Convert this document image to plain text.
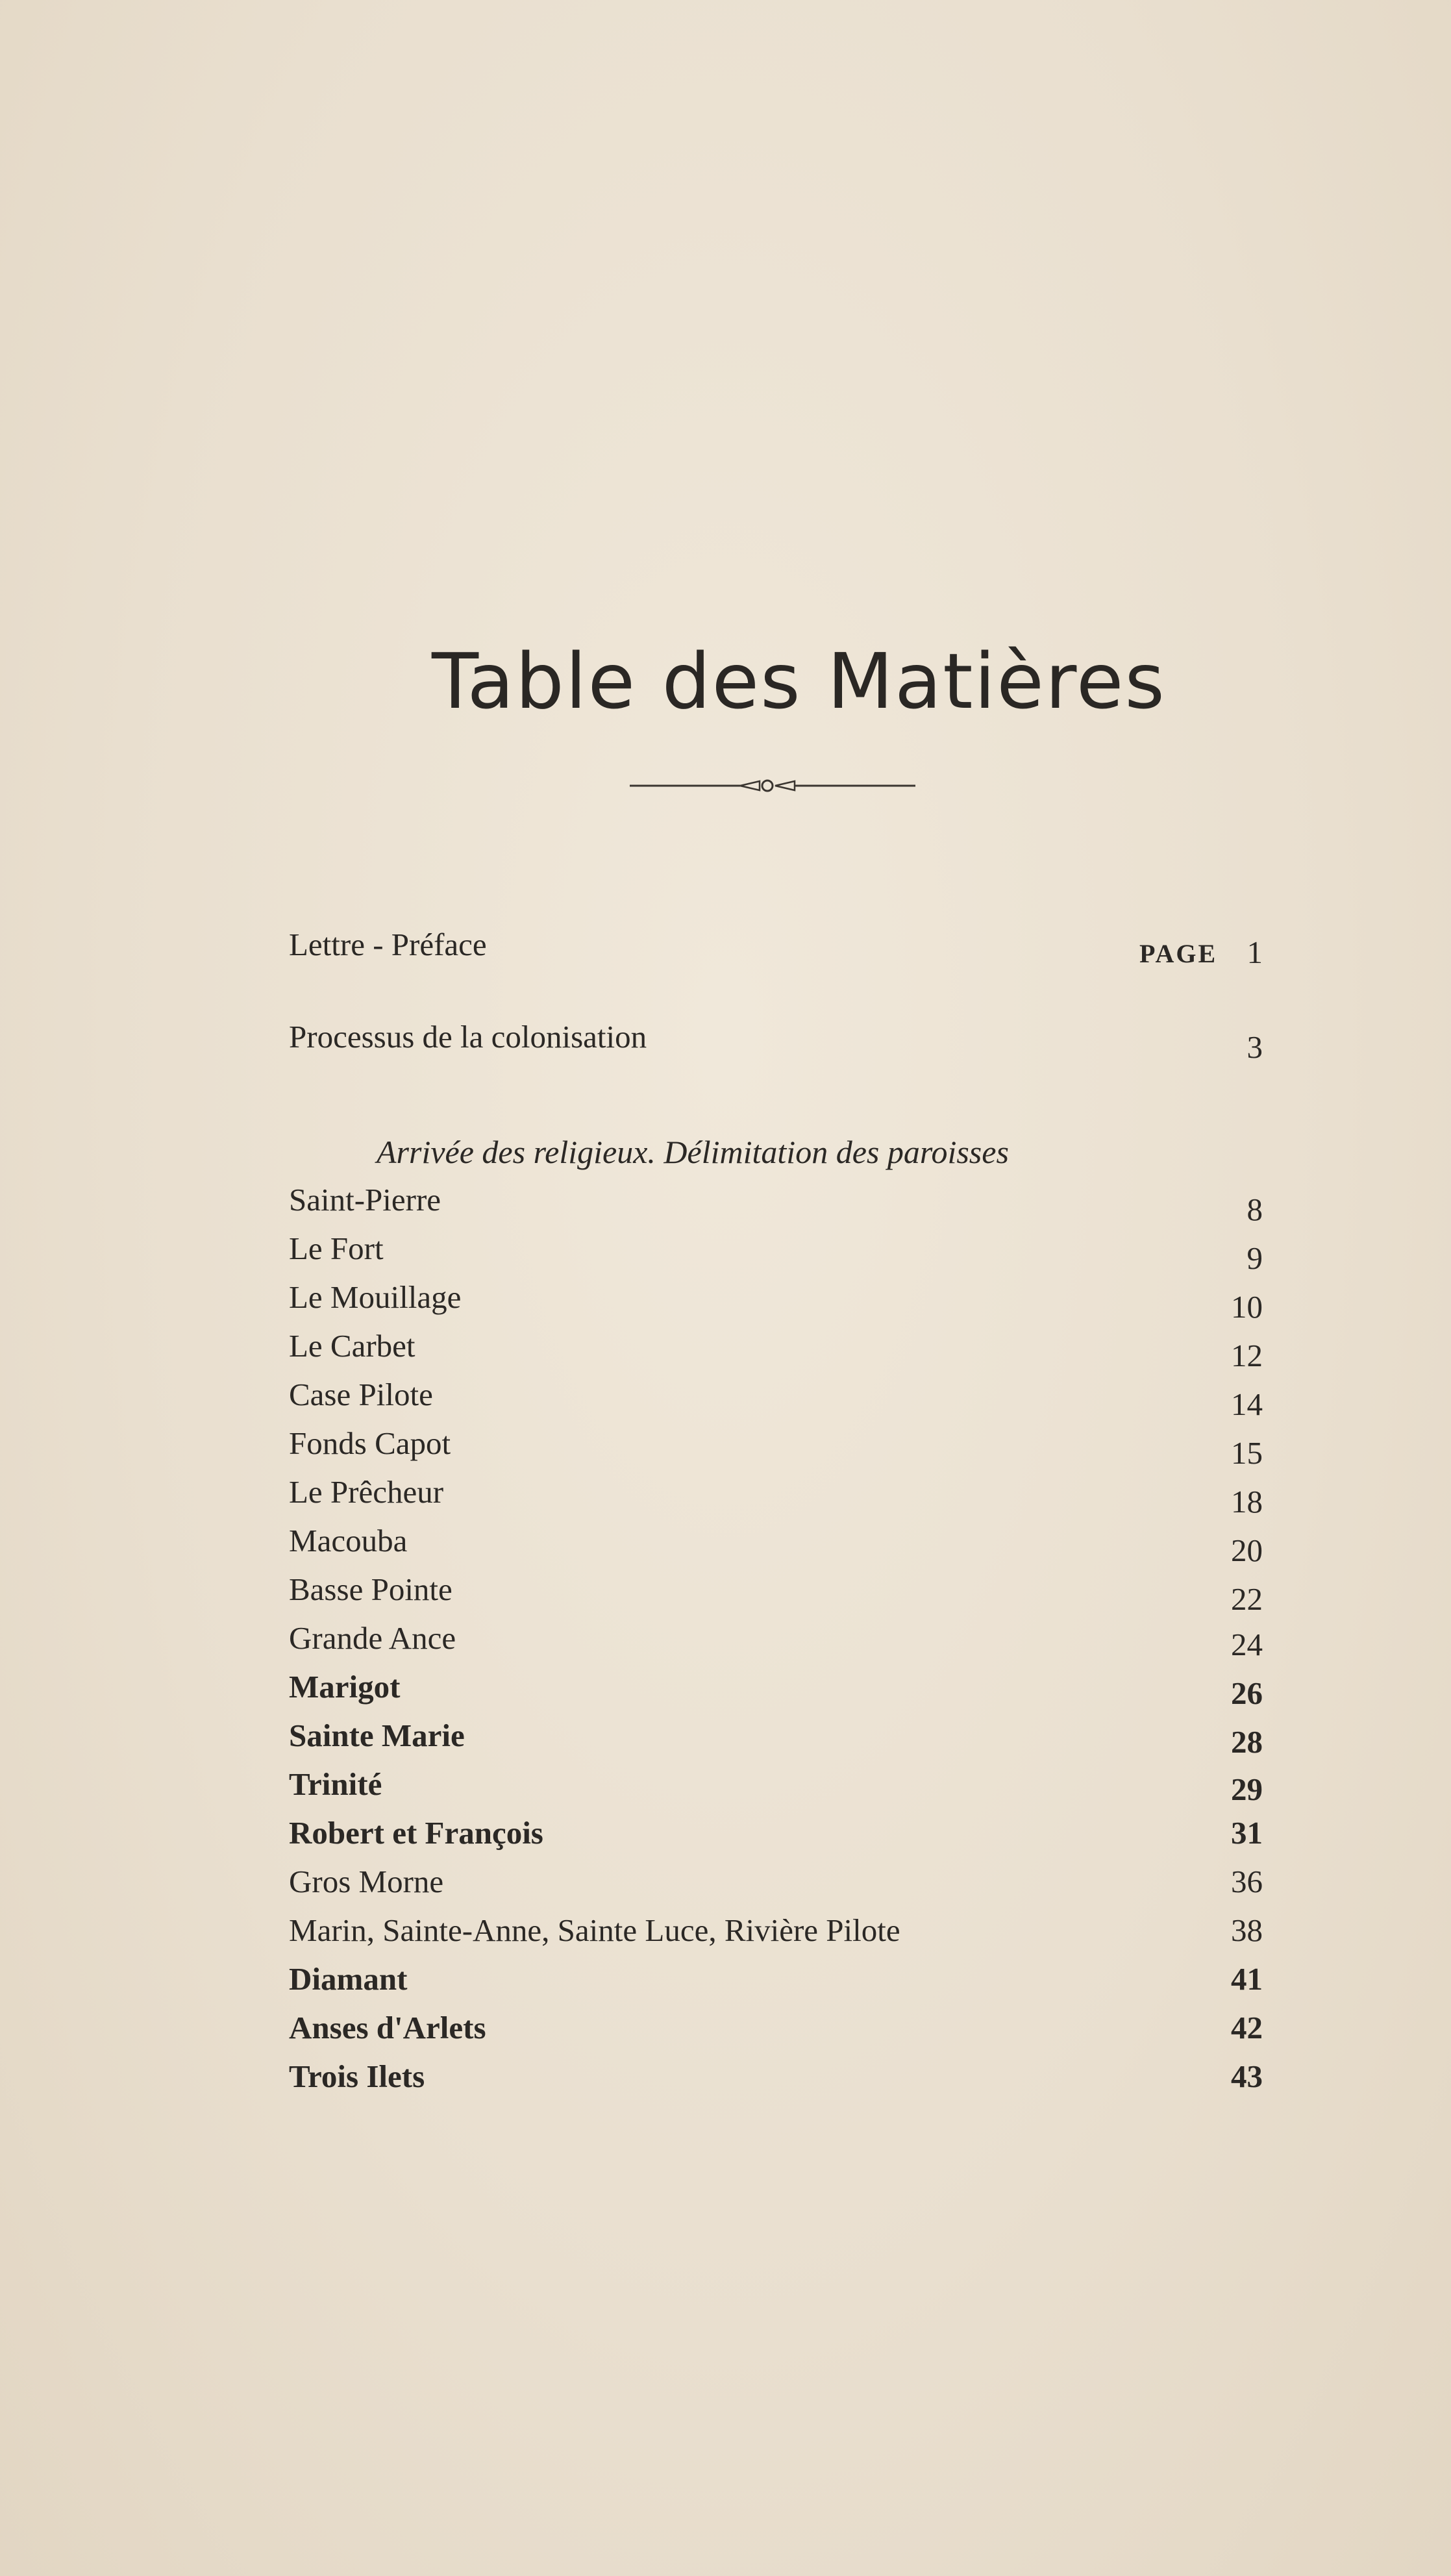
Table des Matières
PAGE
Lettre - Préface	1
Processus de la colonisation	3
Arrivée des religieux. Délimitation des paroisses
Saint-Pierre	8
Le Fort	9
Le Mouillage	10
Le Carbet	12
Case Pilote	14
Fonds Capot	15
Le Prêcheur	18
Macouba	20
Basse Pointe	22
Grande Ance	24
Marigot	26
Sainte Marie	28
Trinité	29
Robert et François	31
Gros Morne	36
Marin, Sainte-Anne, Sainte Luce, Rivière Pilote	38
Diamant	41
Anses d'Arlets	42
Trois Ilets	43
